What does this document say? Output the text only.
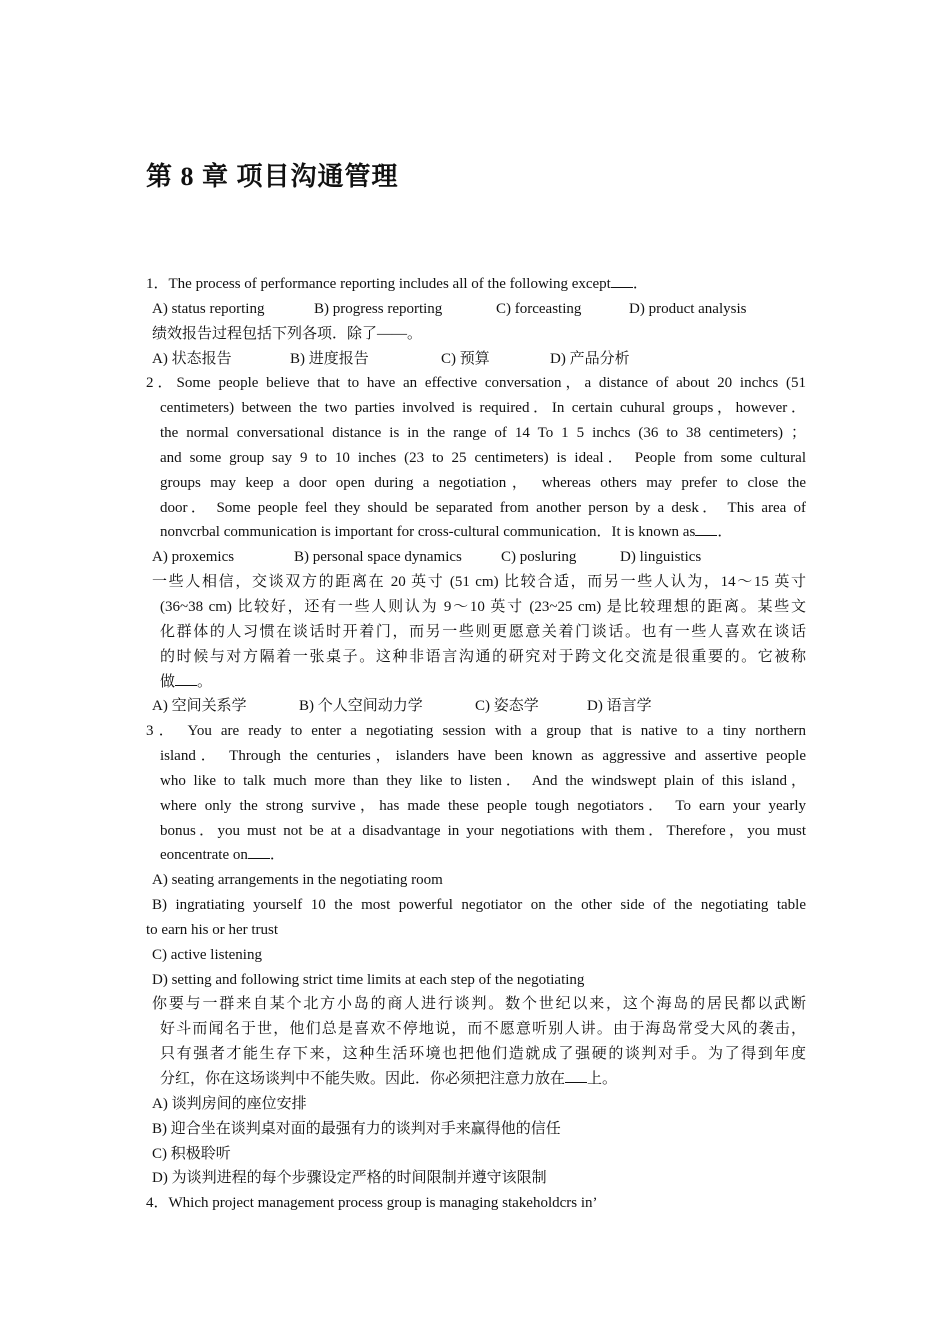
第 8 章 项目沟通管理
1．The process of performance reporting includes all of the following except ．
A) status reporting	B) progress reporting	C) forceasting	D) product analysis
绩效报告过程包括下列各项．除了——。
A) 状态报告	B) 进度报告	C) 预算	D) 产品分析
2．Some people believe that to have an effective conversation，a distance of about 20 inchcs (51
centimeters) between the two parties involved is required．In certain cuhural groups，however．
the normal conversational distance is in the range of 14 To 1 5 inchcs (36 to 38 centimeters) ；
and some group say 9 to 10 inches (23 to 25 centimeters) is ideal． People from some cultural
groups may keep a door open during a negotiation， whereas others may prefer to close the
door． Some people feel they should be separated from another person by a desk． This area of
nonvcrbal communication is important for cross-cultural communication．It is known as ．
A) proxemics	B) personal space dynamics	C) posluring	D) linguistics
一些人相信，交谈双方的距离在 20 英寸 (51 cm) 比较合适，而另一些人认为，14～15 英寸
(36~38 cm) 比较好，还有一些人则认为 9～10 英寸 (23~25 cm) 是比较理想的距离。某些文
化群体的人习惯在谈话时开着门，而另一些则更愿意关着门谈话。也有一些人喜欢在谈话
的时候与对方隔着一张桌子。这种非语言沟通的研究对于跨文化交流是很重要的。它被称
做 。
A) 空间关系学	B) 个人空间动力学	C) 姿态学	D) 语言学
3． You are ready to enter a negotiating session with a group that is native to a tiny northern
island． Through the centuries，islanders have been known as aggressive and assertive people
who like to talk much more than they like to listen． And the windswept plain of this island，
where only the strong survive，has made these people tough negotiators． To earn your yearly
bonus．you must not be at a disadvantage in your negotiations with them．Therefore，you must
eoncentrate on ．
A) seating arrangements in the negotiating room
B) ingratiating yourself 10 the most powerful negotiator on the other side of the negotiating table
to earn his or her trust
C) active listening
D) setting and following strict time limits at each step of the negotiating
你要与一群来自某个北方小岛的商人进行谈判。数个世纪以来，这个海岛的居民都以武断
好斗而闻名于世，他们总是喜欢不停地说，而不愿意听别人讲。由于海岛常受大风的袭击，
只有强者才能生存下来，这种生活环境也把他们造就成了强硬的谈判对手。为了得到年度
分红，你在这场谈判中不能失败。因此．你必须把注意力放在 上。
A) 谈判房间的座位安排
B) 迎合坐在谈判桌对面的最强有力的谈判对手来赢得他的信任
C) 积极聆听
D) 为谈判进程的每个步骤设定严格的时间限制并遵守该限制
4．Which project management process group is managing stakeholdcrs in’
